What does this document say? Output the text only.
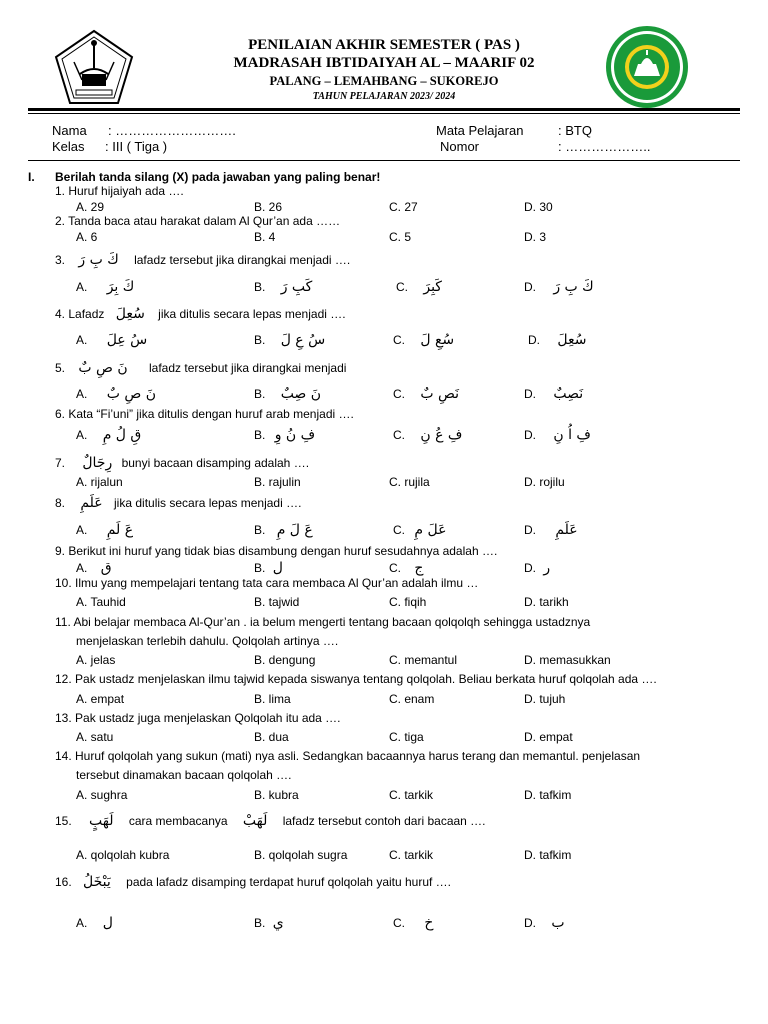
PENILAIAN AKHIR SEMESTER ( PAS )
MADRASAH IBTIDAIYAH AL – MAARIF 02
PALANG – LEMAHBANG – SUKOREJO
TAHUN PELAJARAN 2023/ 2024
Nama : ……………………….
Kelas : III ( Tiga )
Mata Pelajaran	: BTQ
Nomor	: ………………..
I. Berilah tanda silang (X) pada jawaban yang paling benar!
1. Huruf hijaiyah ada ….
A. 29	B. 26	C. 27	D. 30
2. Tanda baca atau harakat dalam Al Qur’an ada ……
A. 6	B. 4	C. 5	D. 3
3. كَ بِ رَ lafadz tersebut jika dirangkai menjadi ….
A. كَ بِرَ	B. كَبِ رَ	C. كَبِرَ	D. كَ بِ رَ
4. Lafadz سُعِلَ jika ditulis secara lepas menjadi ….
A. سُ عِلَ	B. سُ عِ لَ	C. سُعِ لَ	D. سُعِلَ
5. نَ صِ بٌ lafadz tersebut jika dirangkai menjadi
A. نَ صِ بٌ	B. نَ صِبٌ	C. نَصِ بٌ	D. نَصِبٌ
6. Kata “Fi’uni” jika ditulis dengan huruf arab menjadi ….
A. قِ لُ مِ	B. فِ نُ وِ	C. فِ عُ نِ	D. فِ اُ نِ
7. رِجَالٌ bunyi bacaan disamping adalah ….
A. rijalun	B. rajulin	C. rujila	D. rojilu
8. عَلَمِ jika ditulis secara lepas menjadi ….
A. عَ لَمِ	B. عَ لَ مِ	C. عَلَ مِ	D. عَلَمِ
9. Berikut ini huruf yang tidak bias disambung dengan huruf sesudahnya adalah ….
A. ق	B. ل	C. ج	D. ر
10. Ilmu yang mempelajari tentang tata cara membaca Al Qur’an adalah ilmu …
A. Tauhid	B. tajwid	C. fiqih	D. tarikh
11. Abi belajar membaca Al-Qur’an . ia belum mengerti tentang bacaan qolqolqh sehingga ustadznya
menjelaskan terlebih dahulu. Qolqolah artinya ….
A. jelas	B. dengung	C. memantul	D. memasukkan
12. Pak ustadz menjelaskan ilmu tajwid kepada siswanya tentang qolqolah. Beliau berkata huruf qolqolah ada ….
A. empat	B. lima	C. enam	D. tujuh
13. Pak ustadz juga menjelaskan Qolqolah itu ada ….
A. satu	B. dua	C. tiga	D. empat
14. Huruf qolqolah yang sukun (mati) nya asli. Sedangkan bacaannya harus terang dan memantul. penjelasan
tersebut dinamakan bacaan qolqolah ….
A. sughra	B. kubra	C. tarkik	D. tafkim
15. لَهَبٍ cara membacanya لَهَبْ lafadz tersebut contoh dari bacaan ….
A. qolqolah kubra	B. qolqolah sugra	C. tarkik	D. tafkim
16. يَبْخَلُ pada lafadz disamping terdapat huruf qolqolah yaitu huruf ….
A. ل	B. ي	C. خ	D. ب
